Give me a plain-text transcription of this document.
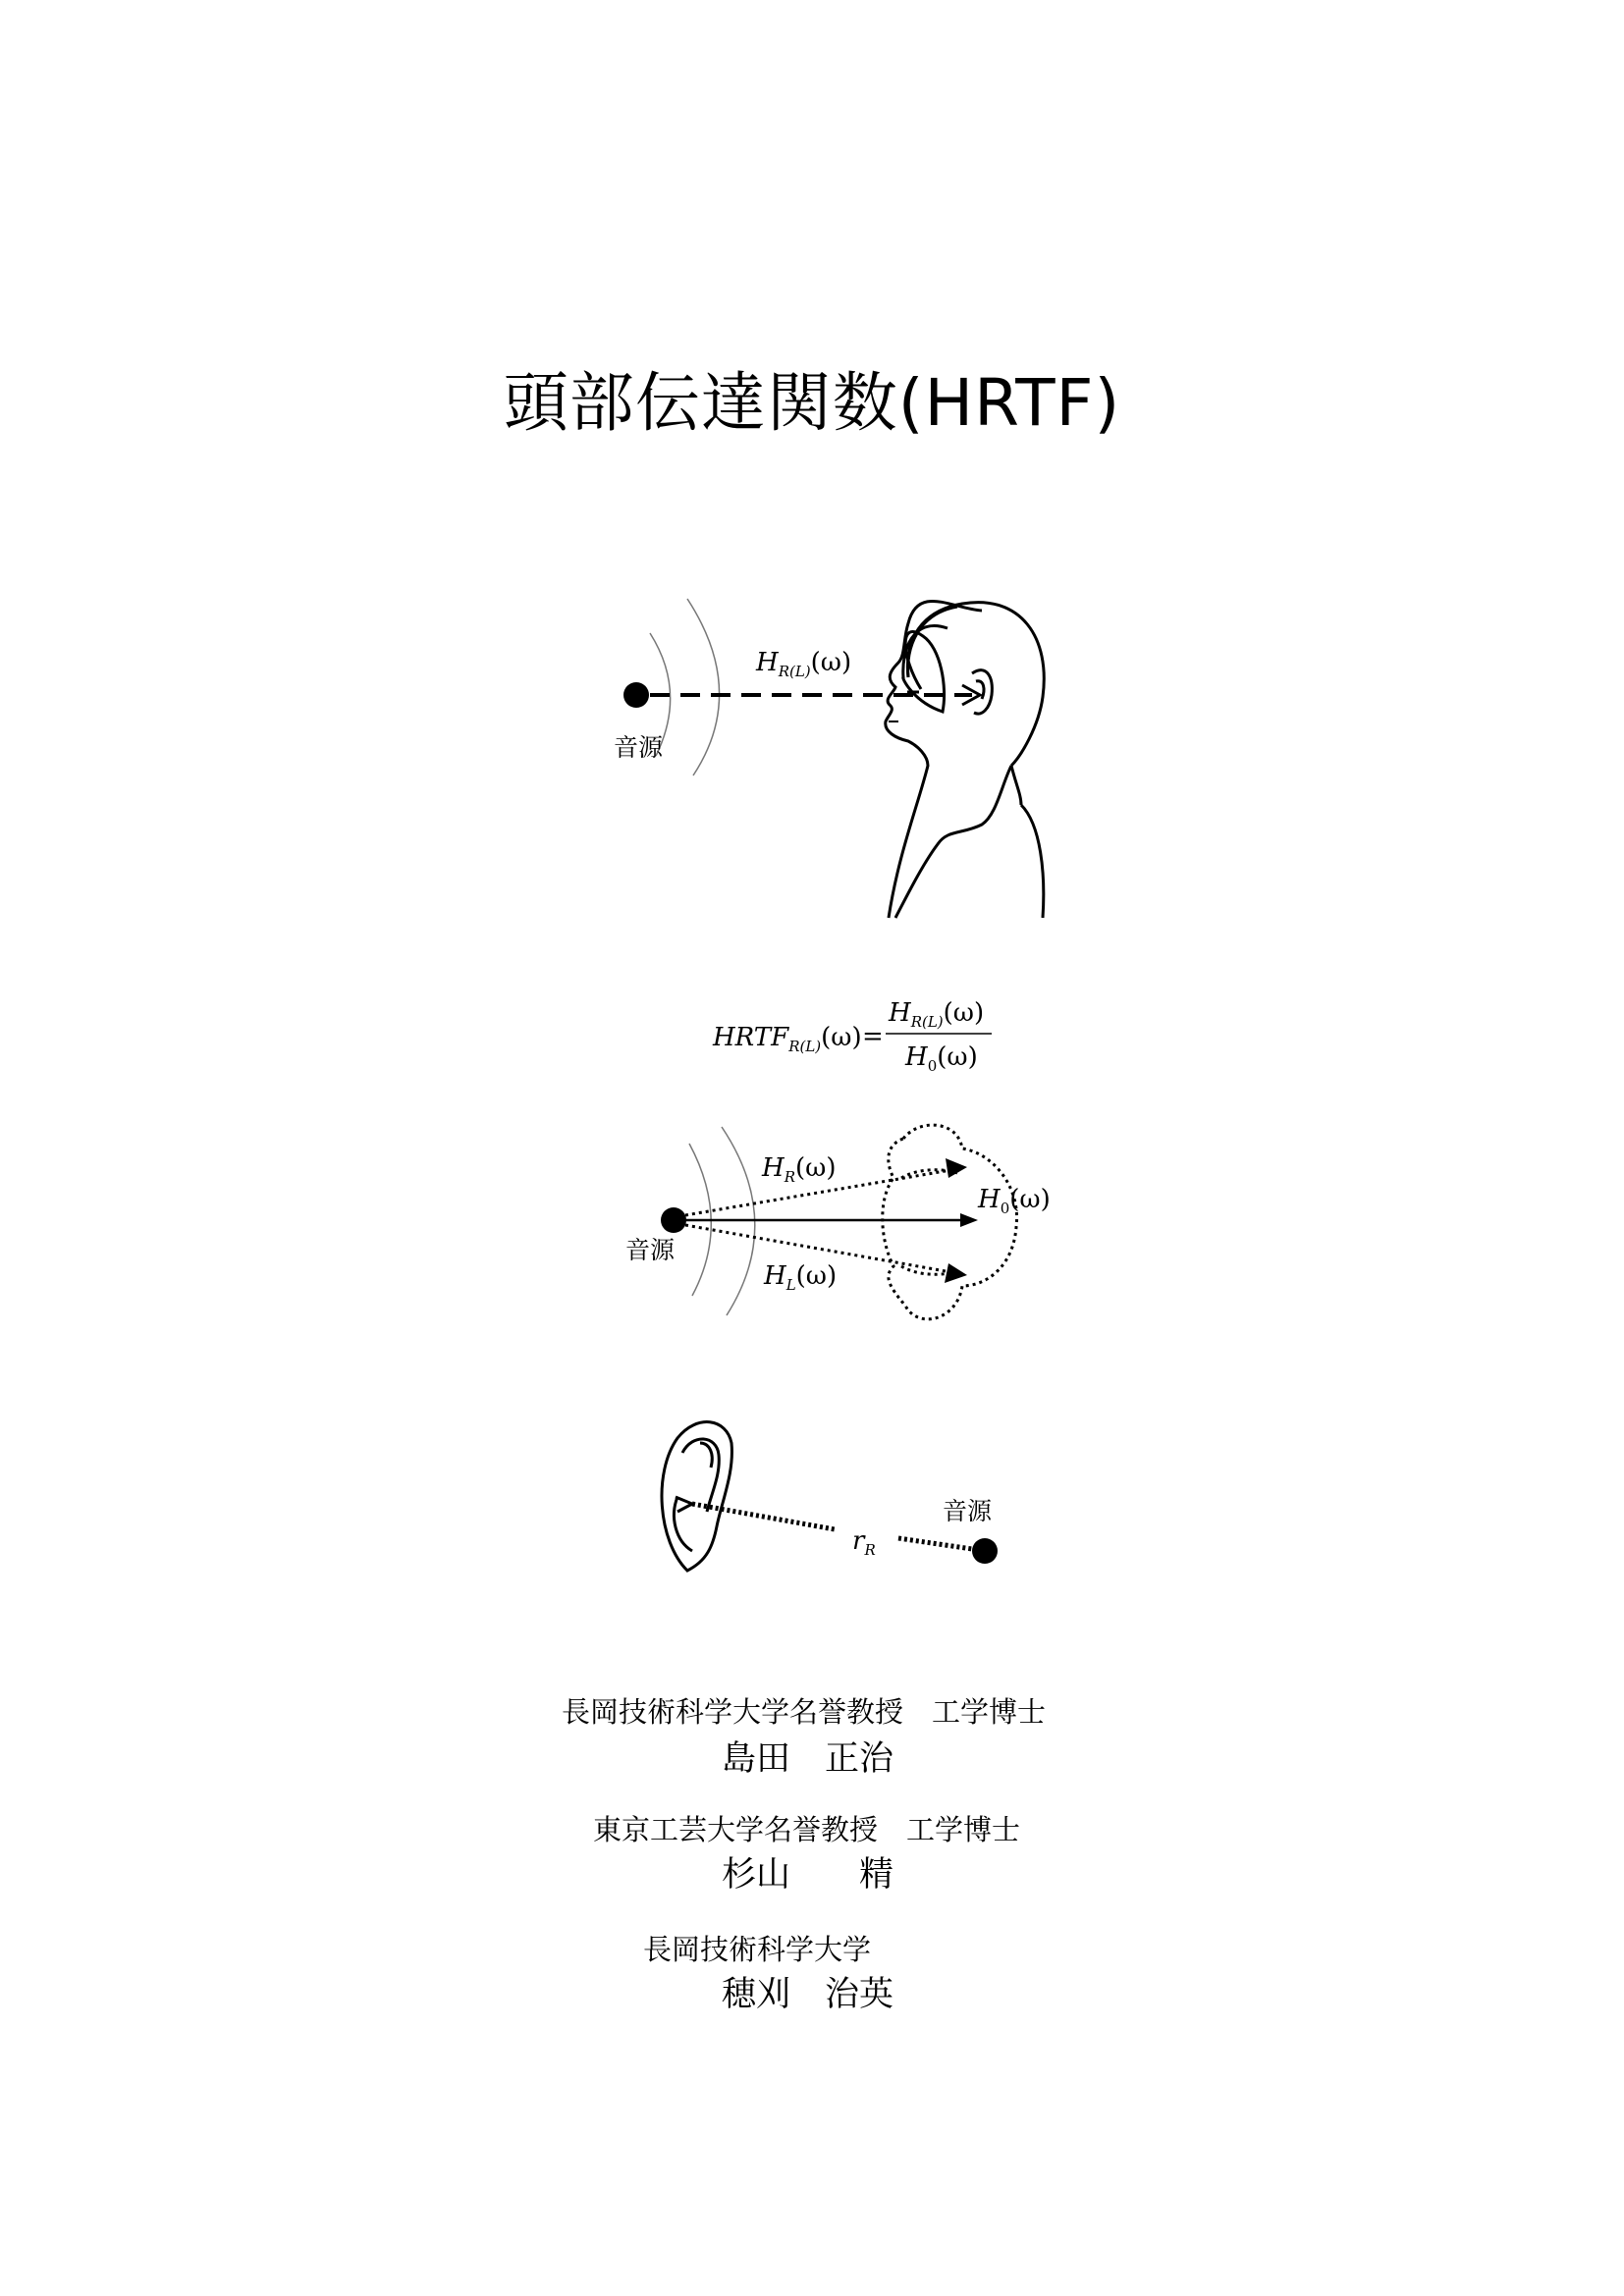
頭部伝達関数(HRTF)
$H_{R(L)}(\omega)$
音源
$HRTF_{R(L)}(\omega)$ =
$H_{R(L)}(\omega)$
$H_0(\omega)$
$H_R(\omega)$
$H_0(\omega)$
$H_L(\omega)$
音源
$r_R$
音源
長岡技術科学大学名誉教授　工学博士
島田　正治
東京工芸大学名誉教授　工学博士
杉山　　精
長岡技術科学大学
穂刈　治英
